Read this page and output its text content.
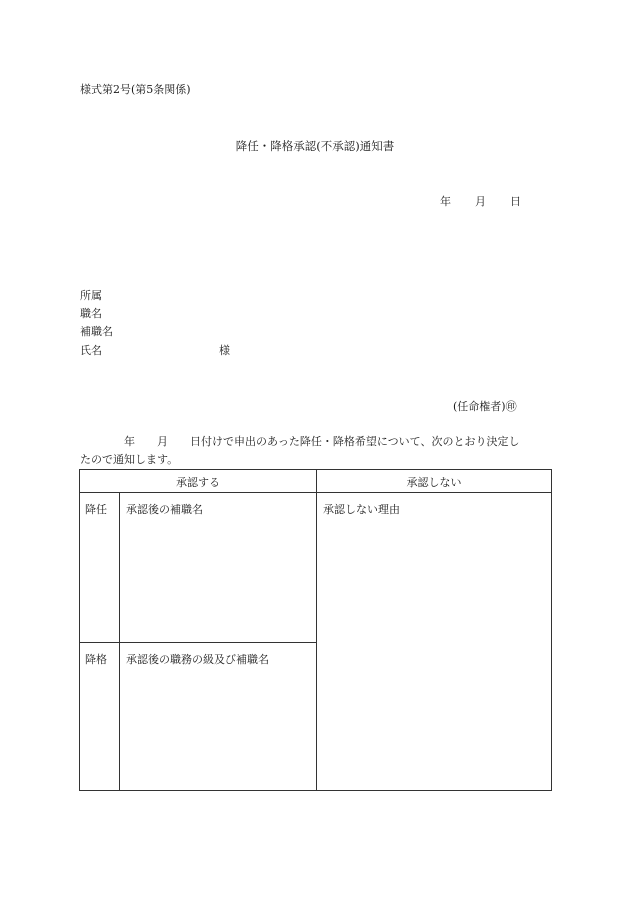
様式第2号(第5条関係)
降任・降格承認(不承認)通知書
年 月 日
所属
職名
補職名
氏名	様
(任命権者)㊞
年 月 日付けで申出のあった降任・降格希望について、次のとおり決定し
たので通知します。
承認する	承認しない
降任 承認後の補職名
降格 承認後の職務の級及び補職名
承認しない理由
